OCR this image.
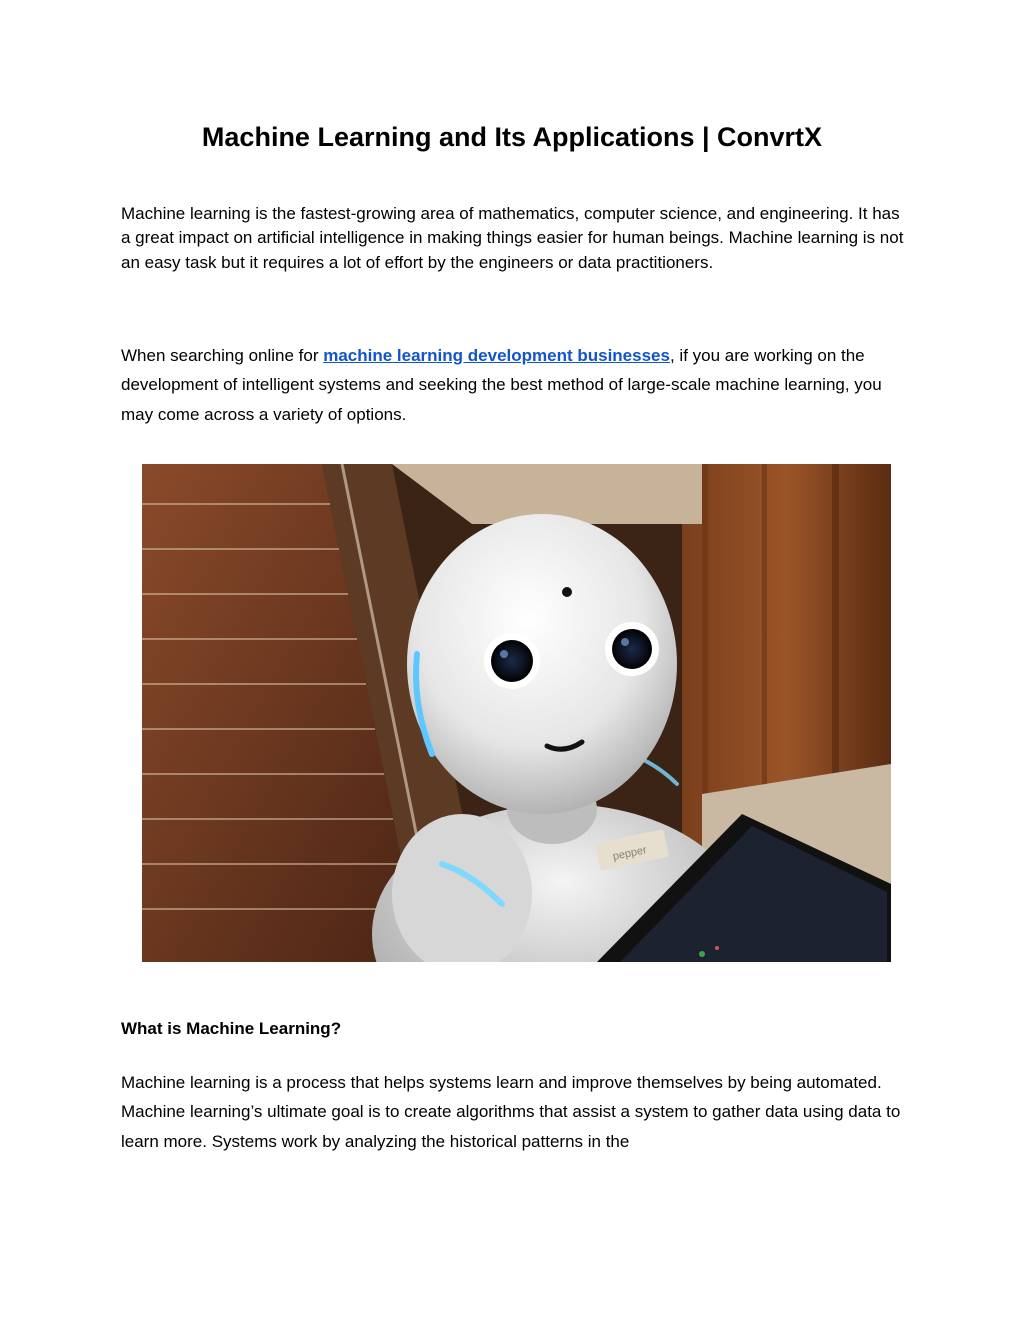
Machine Learning and Its Applications | ConvrtX

Machine learning is the fastest-growing area of mathematics, computer science, and engineering. It has a great impact on artificial intelligence in making things easier for human beings. Machine learning is not an easy task but it requires a lot of effort by the engineers or data practitioners.

When searching online for machine learning development businesses, if you are working on the development of intelligent systems and seeking the best method of large-scale machine learning, you may come across a variety of options.

pepper
What is Machine Learning?

Machine learning is a process that helps systems learn and improve themselves by being automated. Machine learning’s ultimate goal is to create algorithms that assist a system to gather data using data to learn more. Systems work by analyzing the historical patterns in the
